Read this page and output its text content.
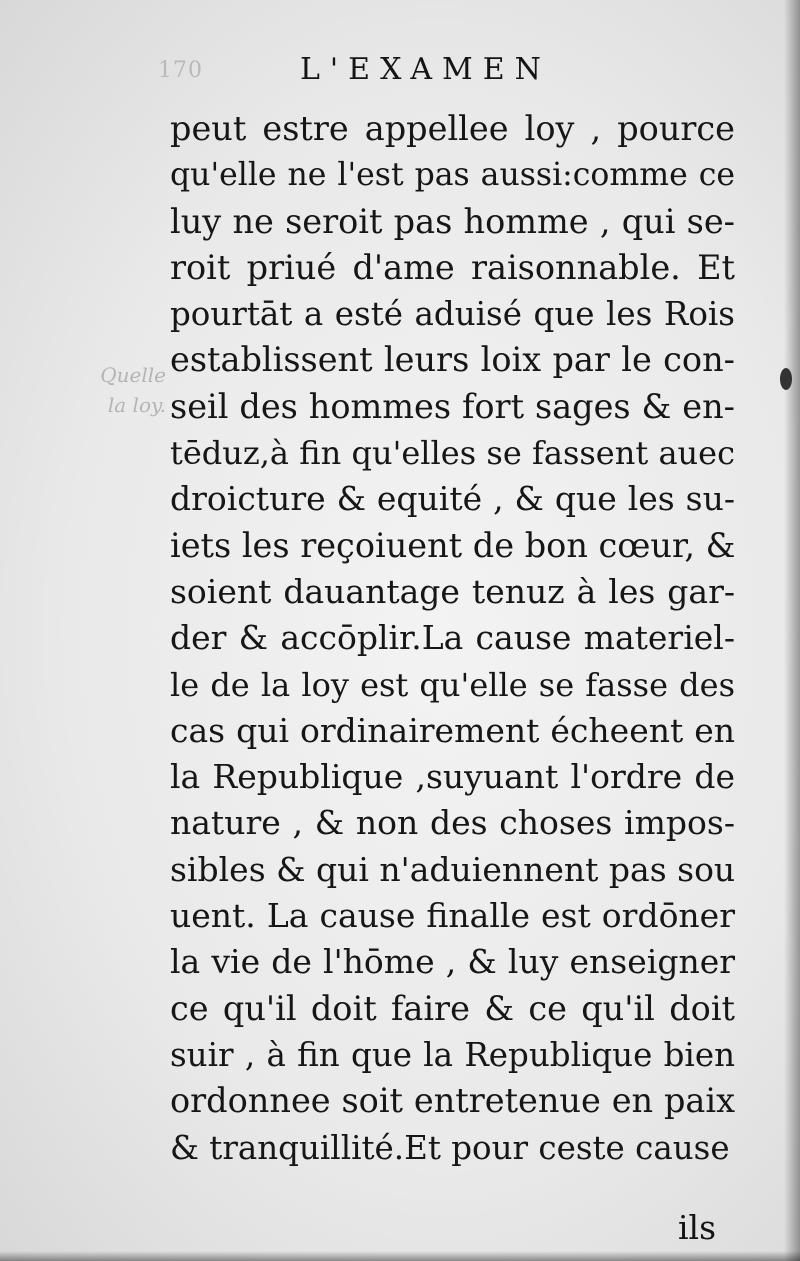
170	L'EXAMEN
Quelle
la loy.
peut estre appellee loy , pource
qu'elle ne l'est pas aussi:comme ce
luy ne seroit pas homme , qui se-
roit priué d'ame raisonnable. Et
pourtāt a esté aduisé que les Rois
establissent leurs loix par le con-
seil des hommes fort sages & en-
tēduz,à fin qu'elles se fassent auec
droicture & equité , & que les su-
iets les reçoiuent de bon cœur, &
soient dauantage tenuz à les gar-
der & accōplir.La cause materiel-
le de la loy est qu'elle se fasse des
cas qui ordinairement écheent en
la Republique ,suyuant l'ordre de
nature , & non des choses impos-
sibles & qui n'aduiennent pas sou
uent. La cause finalle est ordōner
la vie de l'hōme , & luy enseigner
ce qu'il doit faire & ce qu'il doit
suir , à fin que la Republique bien
ordonnee soit entretenue en paix
& tranquillité.Et pour ceste cause
ils
